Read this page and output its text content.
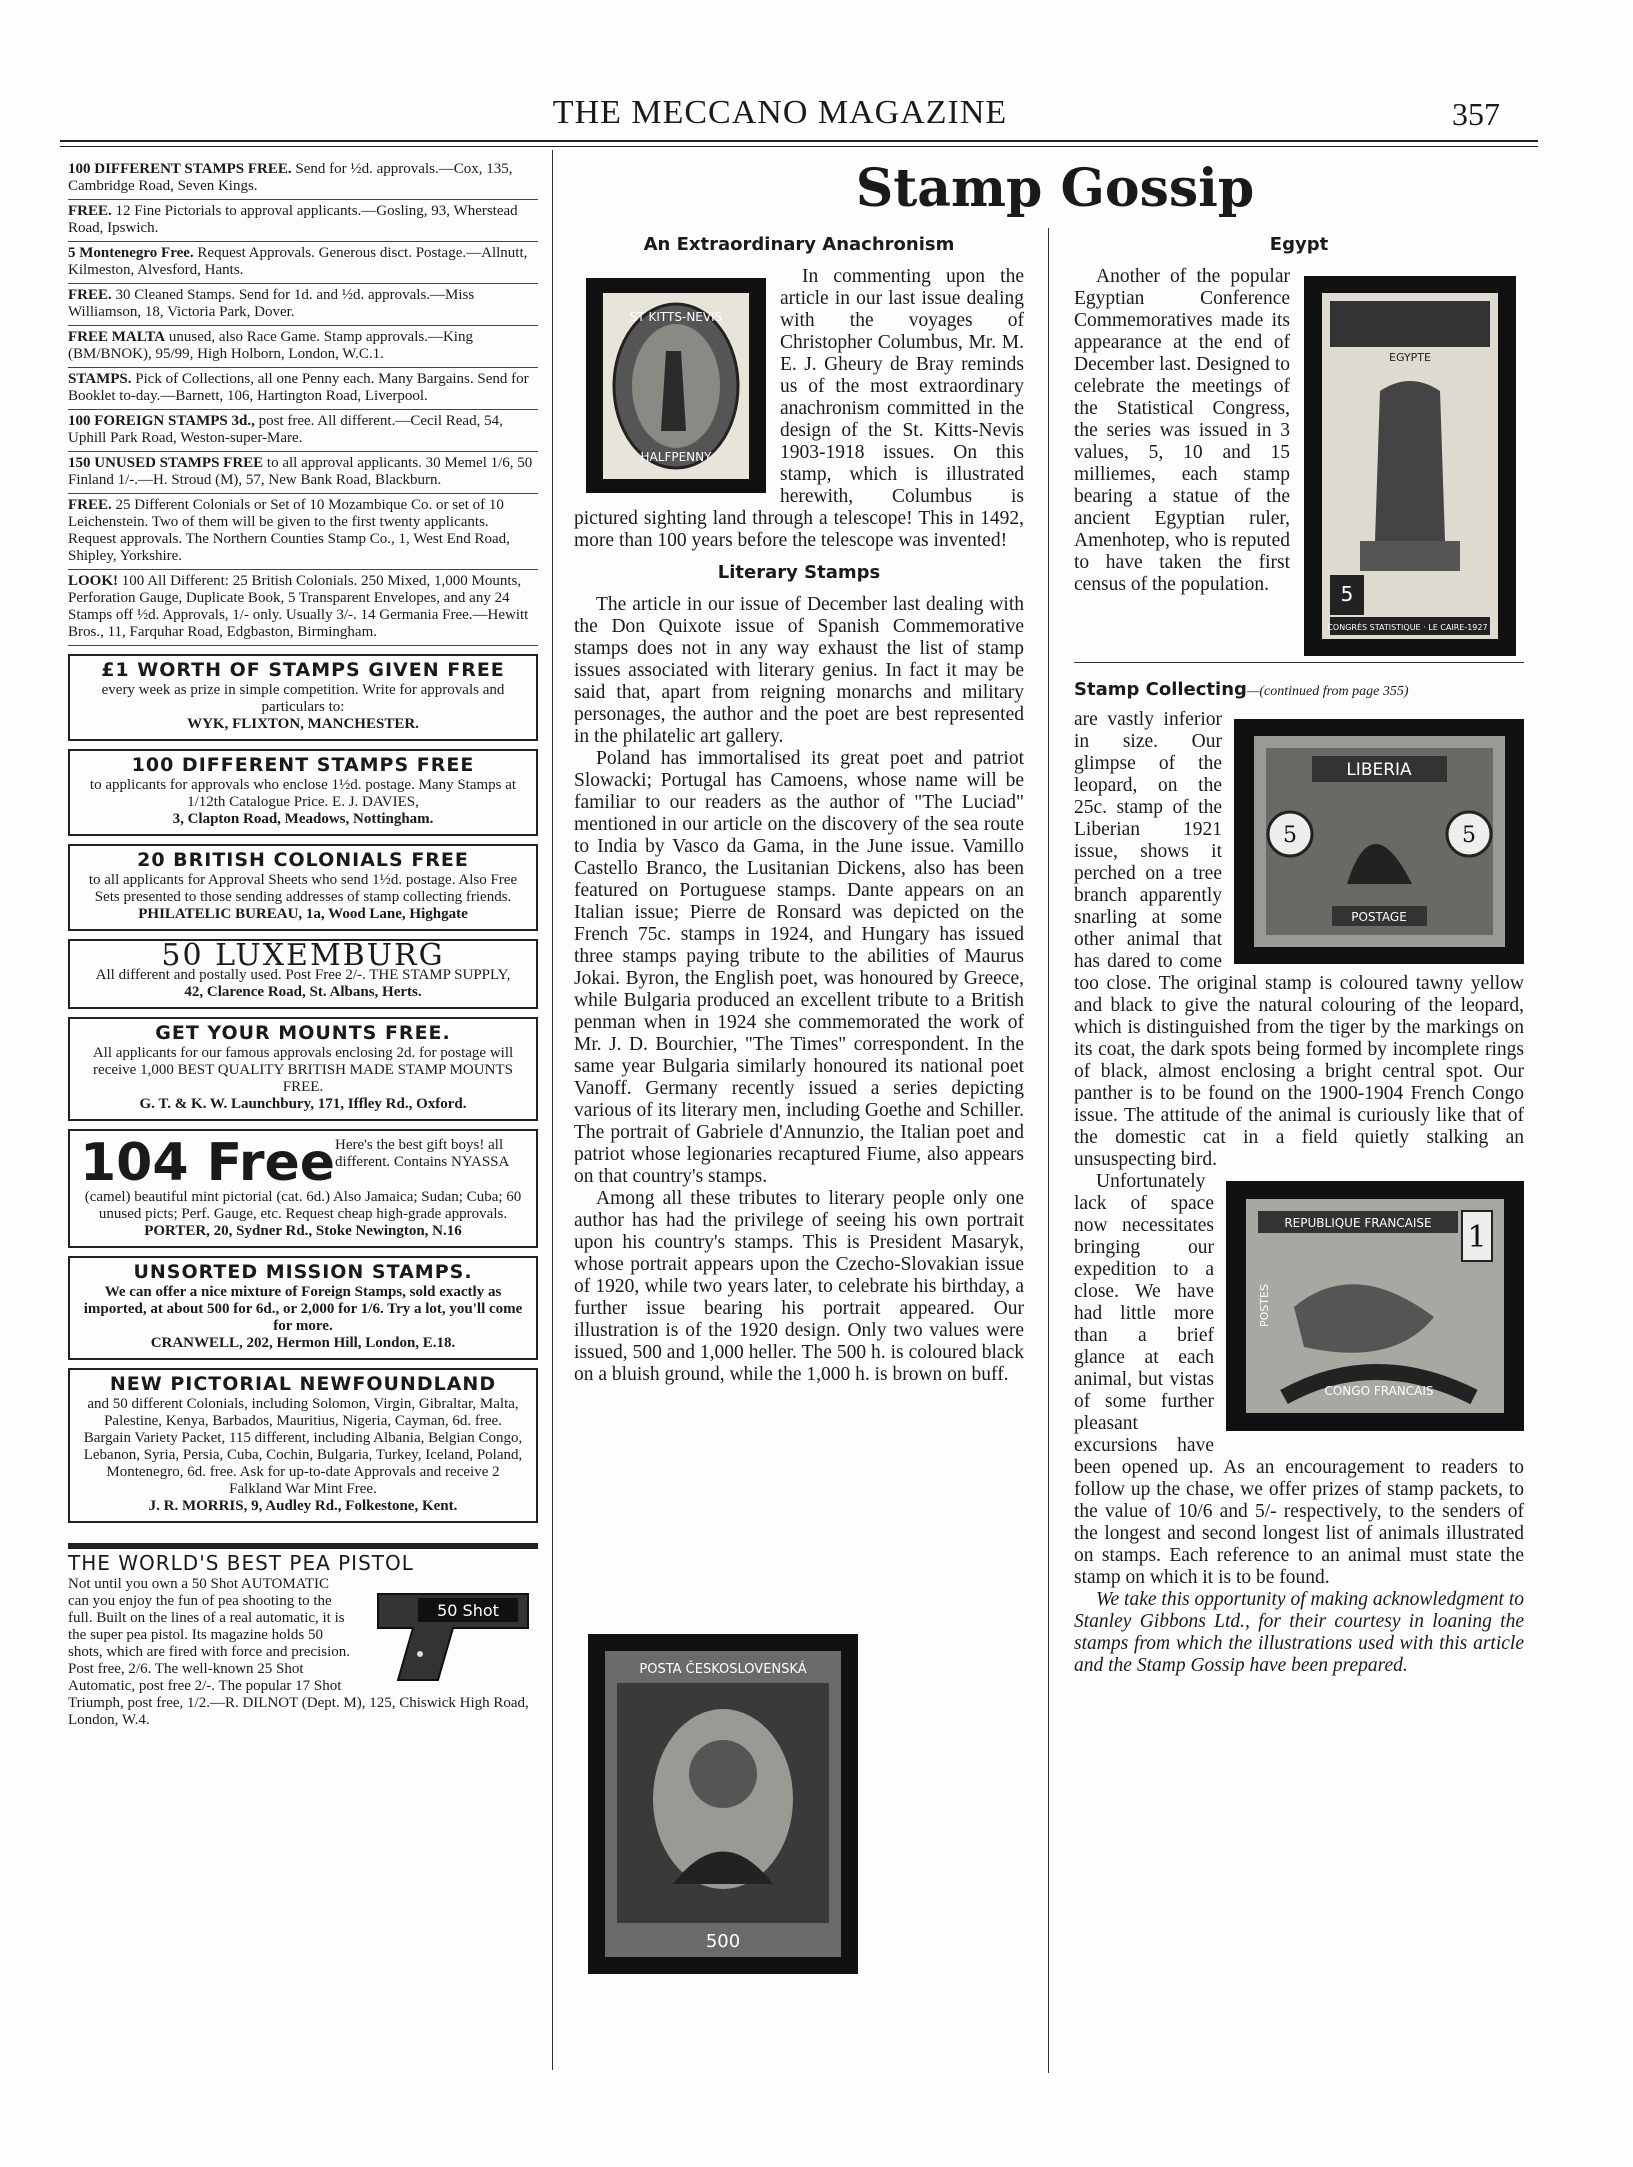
THE MECCANO MAGAZINE	357
100 DIFFERENT STAMPS FREE. Send for ½d. approvals.—Cox, 135, Cambridge Road, Seven Kings.
FREE. 12 Fine Pictorials to approval applicants.—Gosling, 93, Wherstead Road, Ipswich.
5 Montenegro Free. Request Approvals. Generous disct. Postage.—Allnutt, Kilmeston, Alvesford, Hants.
FREE. 30 Cleaned Stamps. Send for 1d. and ½d. approvals.—Miss Williamson, 18, Victoria Park, Dover.
FREE MALTA unused, also Race Game. Stamp approvals.—King (BM/BNOK), 95/99, High Holborn, London, W.C.1.
STAMPS. Pick of Collections, all one Penny each. Many Bargains. Send for Booklet to-day.—Barnett, 106, Hartington Road, Liverpool.
100 FOREIGN STAMPS 3d., post free. All different.—Cecil Read, 54, Uphill Park Road, Weston-super-Mare.
150 UNUSED STAMPS FREE to all approval applicants. 30 Memel 1/6, 50 Finland 1/-.—H. Stroud (M), 57, New Bank Road, Blackburn.
FREE. 25 Different Colonials or Set of 10 Mozambique Co. or set of 10 Leichenstein. Two of them will be given to the first twenty applicants. Request approvals. The Northern Counties Stamp Co., 1, West End Road, Shipley, Yorkshire.
LOOK! 100 All Different: 25 British Colonials. 250 Mixed, 1,000 Mounts, Perforation Gauge, Duplicate Book, 5 Transparent Envelopes, and any 24 Stamps off ½d. Approvals, 1/- only. Usually 3/-. 14 Germania Free.—Hewitt Bros., 11, Farquhar Road, Edgbaston, Birmingham.
£1 WORTH OF STAMPS GIVEN FREE
every week as prize in simple competition. Write for approvals and particulars to:
WYK, FLIXTON, MANCHESTER.
100 DIFFERENT STAMPS FREE
to applicants for approvals who enclose 1½d. postage. Many Stamps at 1/12th Catalogue Price. E. J. DAVIES,
3, Clapton Road, Meadows, Nottingham.
20 BRITISH COLONIALS FREE
to all applicants for Approval Sheets who send 1½d. postage. Also Free Sets presented to those sending addresses of stamp collecting friends.
PHILATELIC BUREAU, 1a, Wood Lane, Highgate
50 LUXEMBURG
All different and postally used. Post Free 2/-. THE STAMP SUPPLY,
42, Clarence Road, St. Albans, Herts.
GET YOUR MOUNTS FREE.
All applicants for our famous approvals enclosing 2d. for postage will receive 1,000 BEST QUALITY BRITISH MADE STAMP MOUNTS FREE.
G. T. & K. W. Launchbury, 171, Iffley Rd., Oxford.
104 Free Here's the best gift boys! all different. Contains NYASSA
(camel) beautiful mint pictorial (cat. 6d.) Also Jamaica; Sudan; Cuba; 60 unused picts; Perf. Gauge, etc. Request cheap high-grade approvals.
PORTER, 20, Sydner Rd., Stoke Newington, N.16
UNSORTED MISSION STAMPS.
We can offer a nice mixture of Foreign Stamps, sold exactly as imported, at about 500 for 6d., or 2,000 for 1/6. Try a lot, you'll come for more.
CRANWELL, 202, Hermon Hill, London, E.18.
NEW PICTORIAL NEWFOUNDLAND
and 50 different Colonials, including Solomon, Virgin, Gibraltar, Malta, Palestine, Kenya, Barbados, Mauritius, Nigeria, Cayman, 6d. free. Bargain Variety Packet, 115 different, including Albania, Belgian Congo, Lebanon, Syria, Persia, Cuba, Cochin, Bulgaria, Turkey, Iceland, Poland, Montenegro, 6d. free. Ask for up-to-date Approvals and receive 2 Falkland War Mint Free.
J. R. MORRIS, 9, Audley Rd., Folkestone, Kent.
THE WORLD'S BEST PEA PISTOL
50 Shot
Not until you own a 50 Shot AUTOMATIC can you enjoy the fun of pea shooting to the full. Built on the lines of a real automatic, it is the super pea pistol. Its magazine holds 50 shots, which are fired with force and precision. Post free, 2/6. The well-known 25 Shot Automatic, post free 2/-. The popular 17 Shot Triumph, post free, 1/2.—R. DILNOT (Dept. M), 125, Chiswick High Road, London, W.4.
Stamp Gossip
An Extraordinary Anachronism
ST KITTS-NEVIS
HALFPENNY

In commenting upon the article in our last issue dealing with the voyages of Christopher Columbus, Mr. M. E. J. Gheury de Bray reminds us of the most extraordinary anachronism committed in the design of the St. Kitts-Nevis 1903-1918 issues. On this stamp, which is illustrated herewith, Columbus is pictured sighting land through a telescope! This in 1492, more than 100 years before the telescope was invented!

Literary Stamps

The article in our issue of December last dealing with the Don Quixote issue of Spanish Commemorative stamps does not in any way exhaust the list of stamp issues associated with literary genius. In fact it may be said that, apart from reigning monarchs and military personages, the author and the poet are best represented in the philatelic art gallery.

Poland has immortalised its great poet and patriot Slowacki; Portugal has Camoens, whose name will be familiar to our readers as the author of "The Luciad" mentioned in our article on the discovery of the sea route to India by Vasco da Gama, in the June issue. Vamillo Castello Branco, the Lusitanian Dickens, also has been featured on Portuguese stamps. Dante appears on an Italian issue; Pierre de Ronsard was depicted on the French 75c. stamps in 1924, and Hungary has issued three stamps paying tribute to the abilities of Maurus Jokai. Byron, the English poet, was honoured by Greece, while Bulgaria produced an excellent tribute to a British penman when in 1924 she commemorated the work of Mr. J. D. Bourchier, "The Times" correspondent. In the same year Bulgaria similarly honoured its national poet Vanoff. Germany recently issued a series depicting various of its literary men, including Goethe and Schiller. The portrait of Gabriele d'Annunzio, the Italian poet and patriot whose legionaries recaptured Fiume, also appears on that country's stamps.

Among all these tributes to literary people only one author has had the privilege of seeing his own portrait upon his country's stamps. This is President Masaryk, whose portrait appears upon the Czecho-Slovakian issue of 1920, while two years later, to celebrate his birthday, a further issue bearing his portrait appeared. Our illustration is of the 1920 design. Only two values were issued, 500 and 1,000 heller. The 500 h. is coloured black on a bluish ground, while the 1,000 h. is brown on buff.

POSTA ČESKOSLOVENSKÁ
500
Egypt
EGYPTE
5
CONGRÈS STATISTIQUE · LE CAIRE-1927 ·

Another of the popular Egyptian Conference Commemoratives made its appearance at the end of December last. Designed to celebrate the meetings of the Statistical Congress, the series was issued in 3 values, 5, 10 and 15 milliemes, each stamp bearing a statue of the ancient Egyptian ruler, Amenhotep, who is reputed to have taken the first census of the population.

Stamp Collecting—(continued from page 355)
LIBERIA
5	5
POSTAGE

are vastly inferior in size. Our glimpse of the leopard, on the 25c. stamp of the Liberian 1921 issue, shows it perched on a tree branch apparently snarling at some other animal that has dared to come too close. The original stamp is coloured tawny yellow and black to give the natural colouring of the leopard, which is distinguished from the tiger by the markings on its coat, the dark spots being formed by incomplete rings of black, almost enclosing a bright central spot. Our panther is to be found on the 1900-1904 French Congo issue. The attitude of the animal is curiously like that of the domestic cat in a field quietly stalking an unsuspecting bird.

REPUBLIQUE FRANCAISE 1
POSTES
CONGO FRANCAIS

Unfortunately lack of space now necessitates bringing our expedition to a close. We have had little more than a brief glance at each animal, but vistas of some further pleasant excursions have been opened up. As an encouragement to readers to follow up the chase, we offer prizes of stamp packets, to the value of 10/6 and 5/- respectively, to the senders of the longest and second longest list of animals illustrated on stamps. Each reference to an animal must state the stamp on which it is to be found.

We take this opportunity of making acknowledgment to Stanley Gibbons Ltd., for their courtesy in loaning the stamps from which the illustrations used with this article and the Stamp Gossip have been prepared.
